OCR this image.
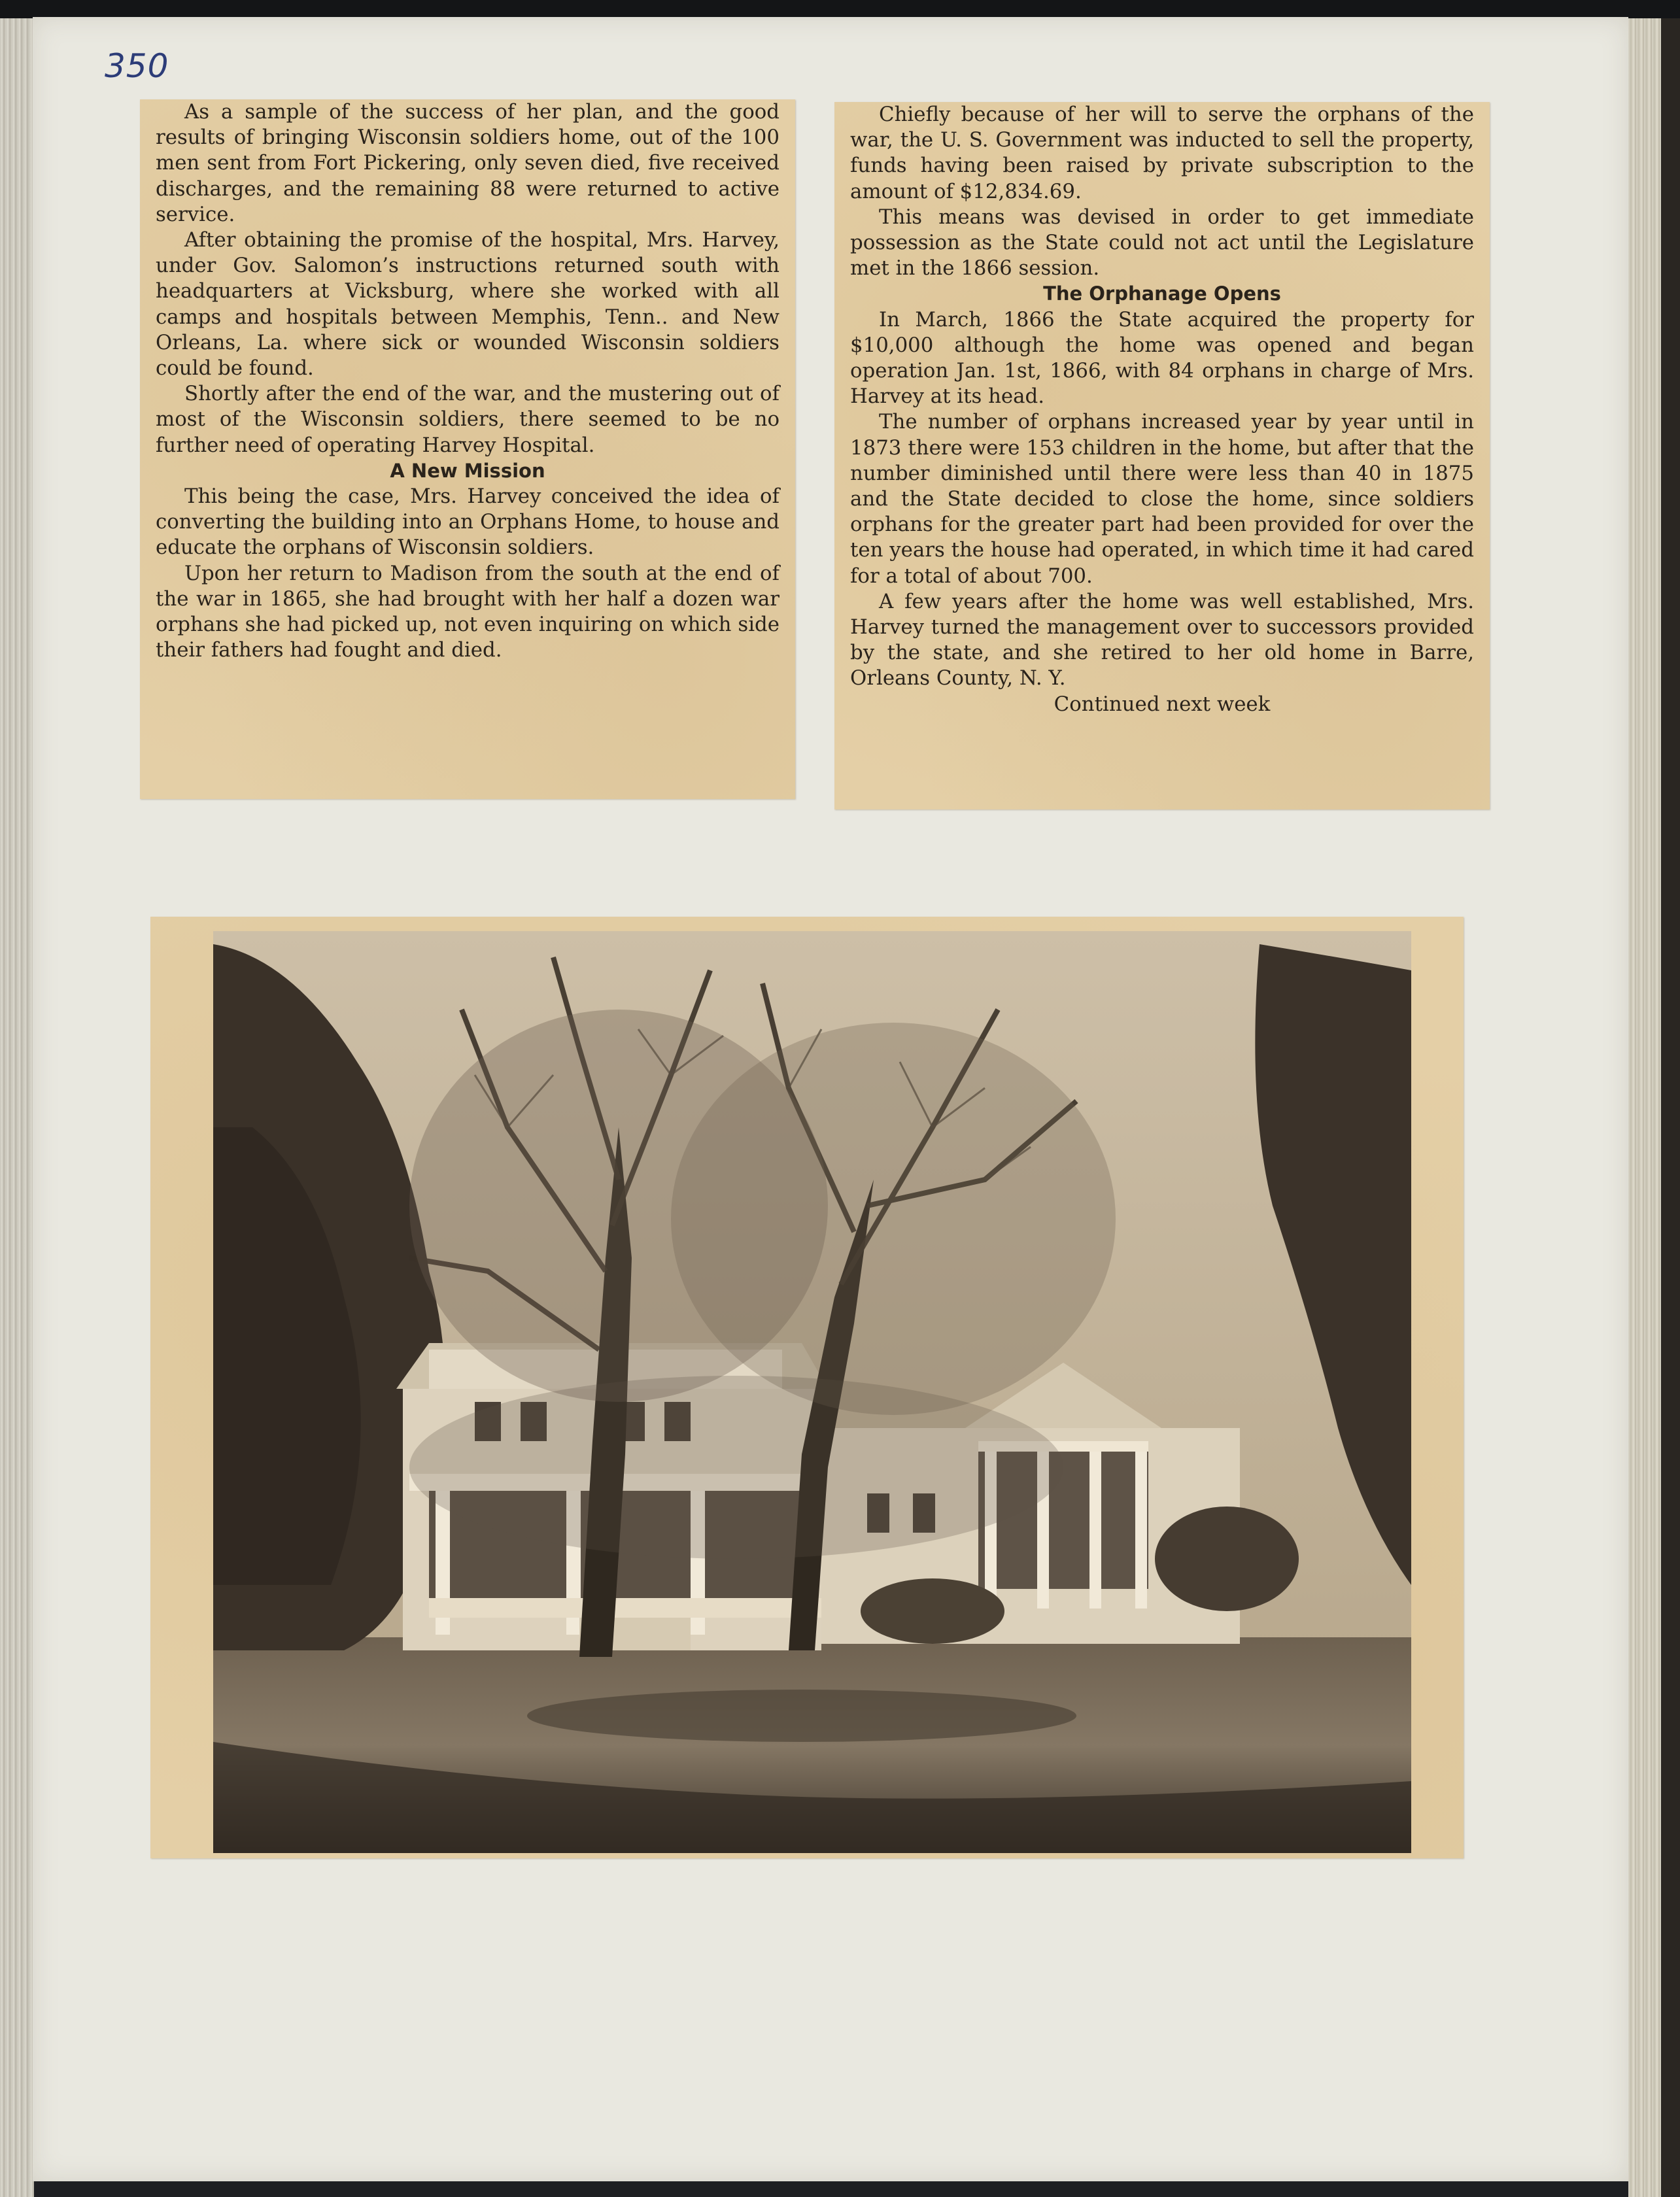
350

As a sample of the success of her plan, and the good results of bringing Wisconsin soldiers home, out of the 100 men sent from Fort Pickering, only seven died, five received discharges, and the remaining 88 were returned to active service.

After obtaining the promise of the hospital, Mrs. Harvey, under Gov. Salomon’s instructions returned south with headquarters at Vicksburg, where she worked with all camps and hospitals between Memphis, Tenn.. and New Orleans, La. where sick or wounded Wisconsin soldiers could be found.

Shortly after the end of the war, and the mustering out of most of the Wisconsin soldiers, there seemed to be no further need of operating Harvey Hospital.

A New Mission

This being the case, Mrs. Harvey conceived the idea of converting the building into an Orphans Home, to house and educate the orphans of Wisconsin soldiers.

Upon her return to Madison from the south at the end of the war in 1865, she had brought with her half a dozen war orphans she had picked up, not even inquiring on which side their fathers had fought and died.

Chiefly because of her will to serve the orphans of the war, the U. S. Government was inducted to sell the property, funds having been raised by private subscription to the amount of $12,834.69.

This means was devised in order to get immediate possession as the State could not act until the Legislature met in the 1866 session.

The Orphanage Opens

In March, 1866 the State acquired the property for $10,000 although the home was opened and began operation Jan. 1st, 1866, with 84 orphans in charge of Mrs. Harvey at its head.

The number of orphans increased year by year until in 1873 there were 153 children in the home, but after that the number diminished until there were less than 40 in 1875 and the State decided to close the home, since soldiers orphans for the greater part had been provided for over the ten years the house had operated, in which time it had cared for a total of about 700.

A few years after the home was well established, Mrs. Harvey turned the management over to successors provided by the state, and she retired to her old home in Barre, Orleans County, N. Y.

Continued next week
